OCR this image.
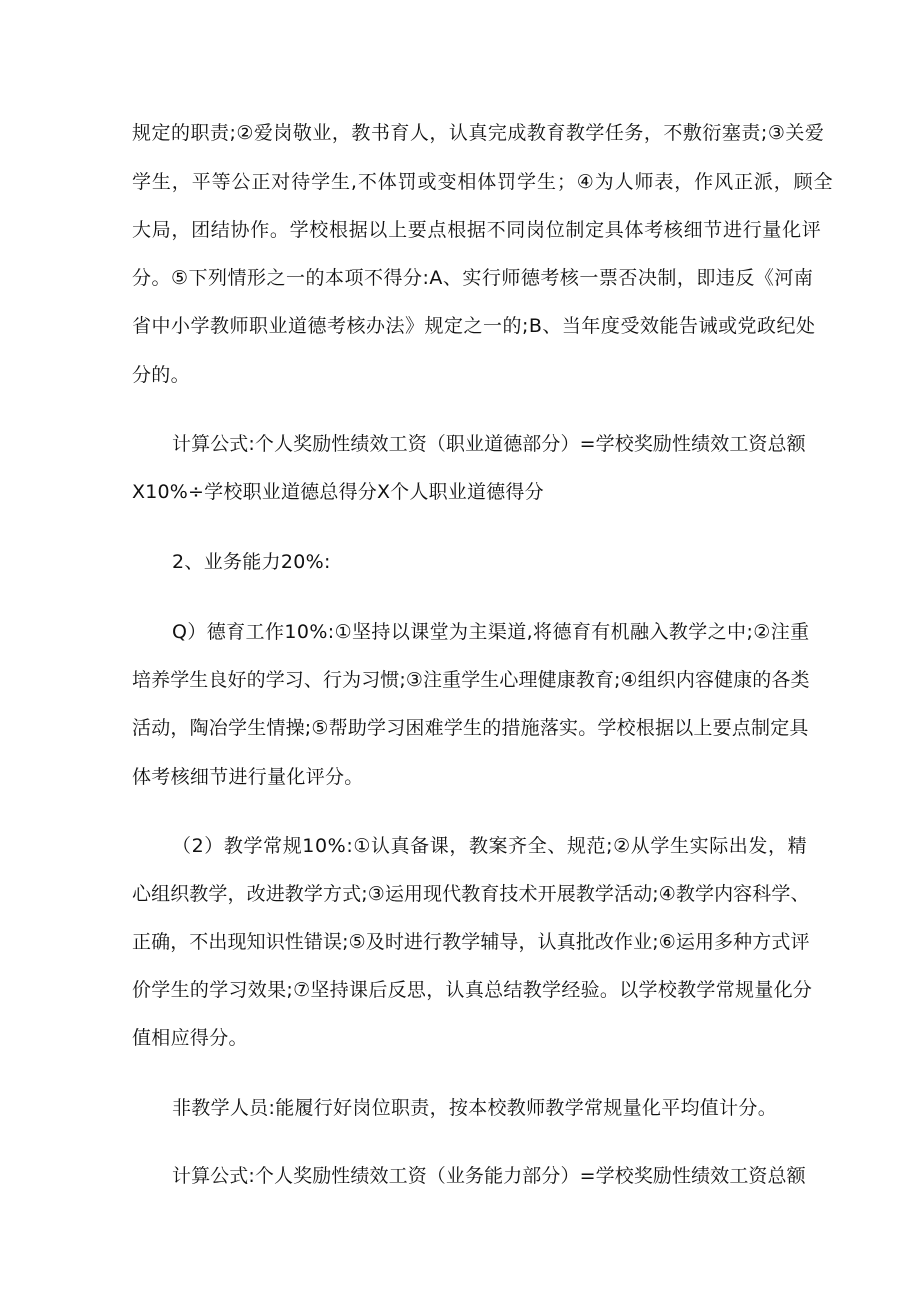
规定的职责;②爱岗敬业，教书育人，认真完成教育教学任务，不敷衍塞责;③关爱
学生，平等公正对待学生,不体罚或变相体罚学生；④为人师表，作风正派，顾全
大局，团结协作。学校根据以上要点根据不同岗位制定具体考核细节进行量化评
分。⑤下列情形之一的本项不得分:A、实行师德考核一票否决制，即违反《河南
省中小学教师职业道德考核办法》规定之一的;B、当年度受效能告诫或党政纪处
分的。
计算公式:个人奖励性绩效工资（职业道德部分）=学校奖励性绩效工资总额
X10%÷学校职业道德总得分X个人职业道德得分
2、业务能力20%:
Q）德育工作10%:①坚持以课堂为主渠道,将德育有机融入教学之中;②注重
培养学生良好的学习、行为习惯;③注重学生心理健康教育;④组织内容健康的各类
活动，陶冶学生情操;⑤帮助学习困难学生的措施落实。学校根据以上要点制定具
体考核细节进行量化评分。
（2）教学常规10%:①认真备课，教案齐全、规范;②从学生实际出发，精
心组织教学，改进教学方式;③运用现代教育技术开展教学活动;④教学内容科学、
正确，不出现知识性错误;⑤及时进行教学辅导，认真批改作业;⑥运用多种方式评
价学生的学习效果;⑦坚持课后反思，认真总结教学经验。以学校教学常规量化分
值相应得分。
非教学人员:能履行好岗位职责，按本校教师教学常规量化平均值计分。
计算公式:个人奖励性绩效工资（业务能力部分）=学校奖励性绩效工资总额
